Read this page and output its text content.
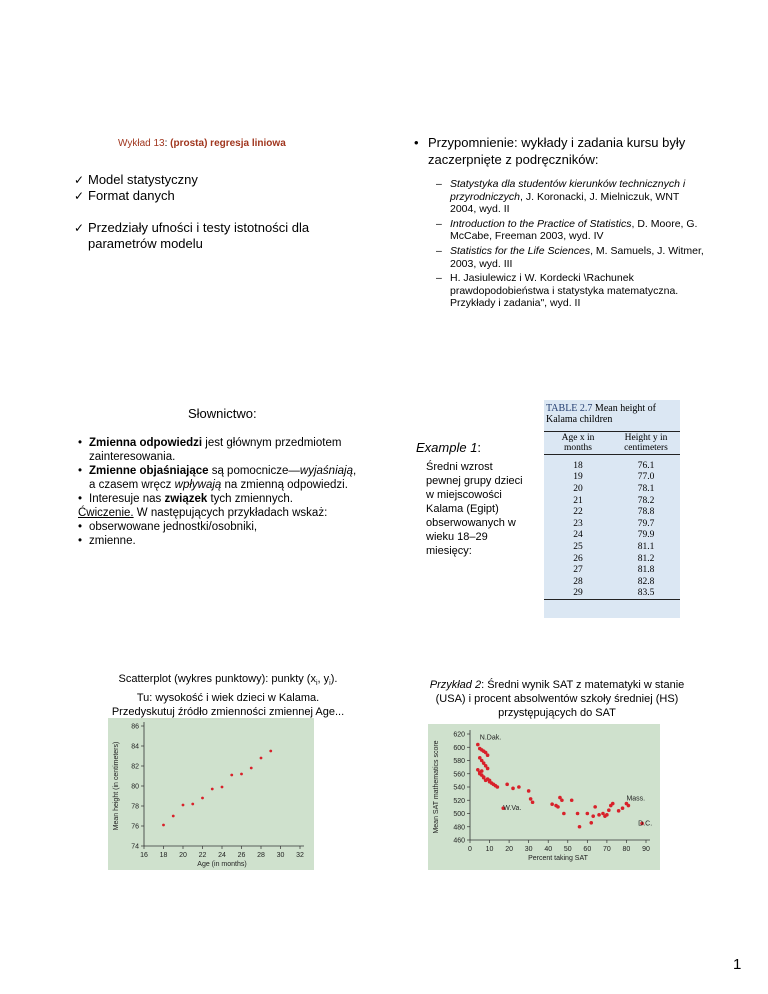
Wykład 13: (prosta) regresja liniowa
✓ Model statystyczny
✓ Format danych
✓ Przedziały ufności i testy istotności dla parametrów modelu
• Przypomnienie: wykłady i zadania kursu były zaczerpnięte z podręczników:
– Statystyka dla studentów kierunków technicznych i przyrodniczych, J. Koronacki, J. Mielniczuk, WNT 2004, wyd. II
– Introduction to the Practice of Statistics, D. Moore, G. McCabe, Freeman 2003, wyd. IV
– Statistics for the Life Sciences, M. Samuels, J. Witmer, 2003, wyd. III
– H. Jasiulewicz i W. Kordecki \Rachunek prawdopodobieństwa i statystyka matematyczna. Przykłady i zadania", wyd. II
Słownictwo:
• Zmienna odpowiedzi jest głównym przedmiotem zainteresowania.
• Zmienne objaśniające są pomocnicze—wyjaśniają, a czasem wręcz wpływają na zmienną odpowiedzi.
• Interesuje nas związek tych zmiennych.
Ćwiczenie. W następujących przykładach wskaż:
• obserwowane jednostki/osobniki,
• zmienne.
Example 1:
Średni wzrost pewnej grupy dzieci w miejscowości Kalama (Egipt) obserwowanych w wieku 18–29 miesięcy:
TABLE 2.7 Mean height of Kalama children
Age x in months	Height y in centimeters
18	76.1
19	77.0
20	78.1
21	78.2
22	78.8
23	79.7
24	79.9
25	81.1
26	81.2
27	81.8
28	82.8
29	83.5
Scatterplot (wykres punktowy): punkty ($x_i$, $y_i$).
Tu: wysokość i wiek dzieci w Kalama.
Przedyskutuj źródło zmienności zmiennej Age...
16 18 20 22 24 26 28 30 32
74
76
78
80
82
84
86
Age (in months)
Mean height (in centimeters)
Przykład 2: Średni wynik SAT z matematyki w stanie (USA) i procent absolwentów szkoły średniej (HS) przystępujących do SAT
0 10 20 30 40 50 60 70 80 90
460
480
500
520
540
560
580
600
620
Percent taking SAT
Mean SAT mathematics score
N.Dak.
W.Va.
Mass.
D.C.
1
